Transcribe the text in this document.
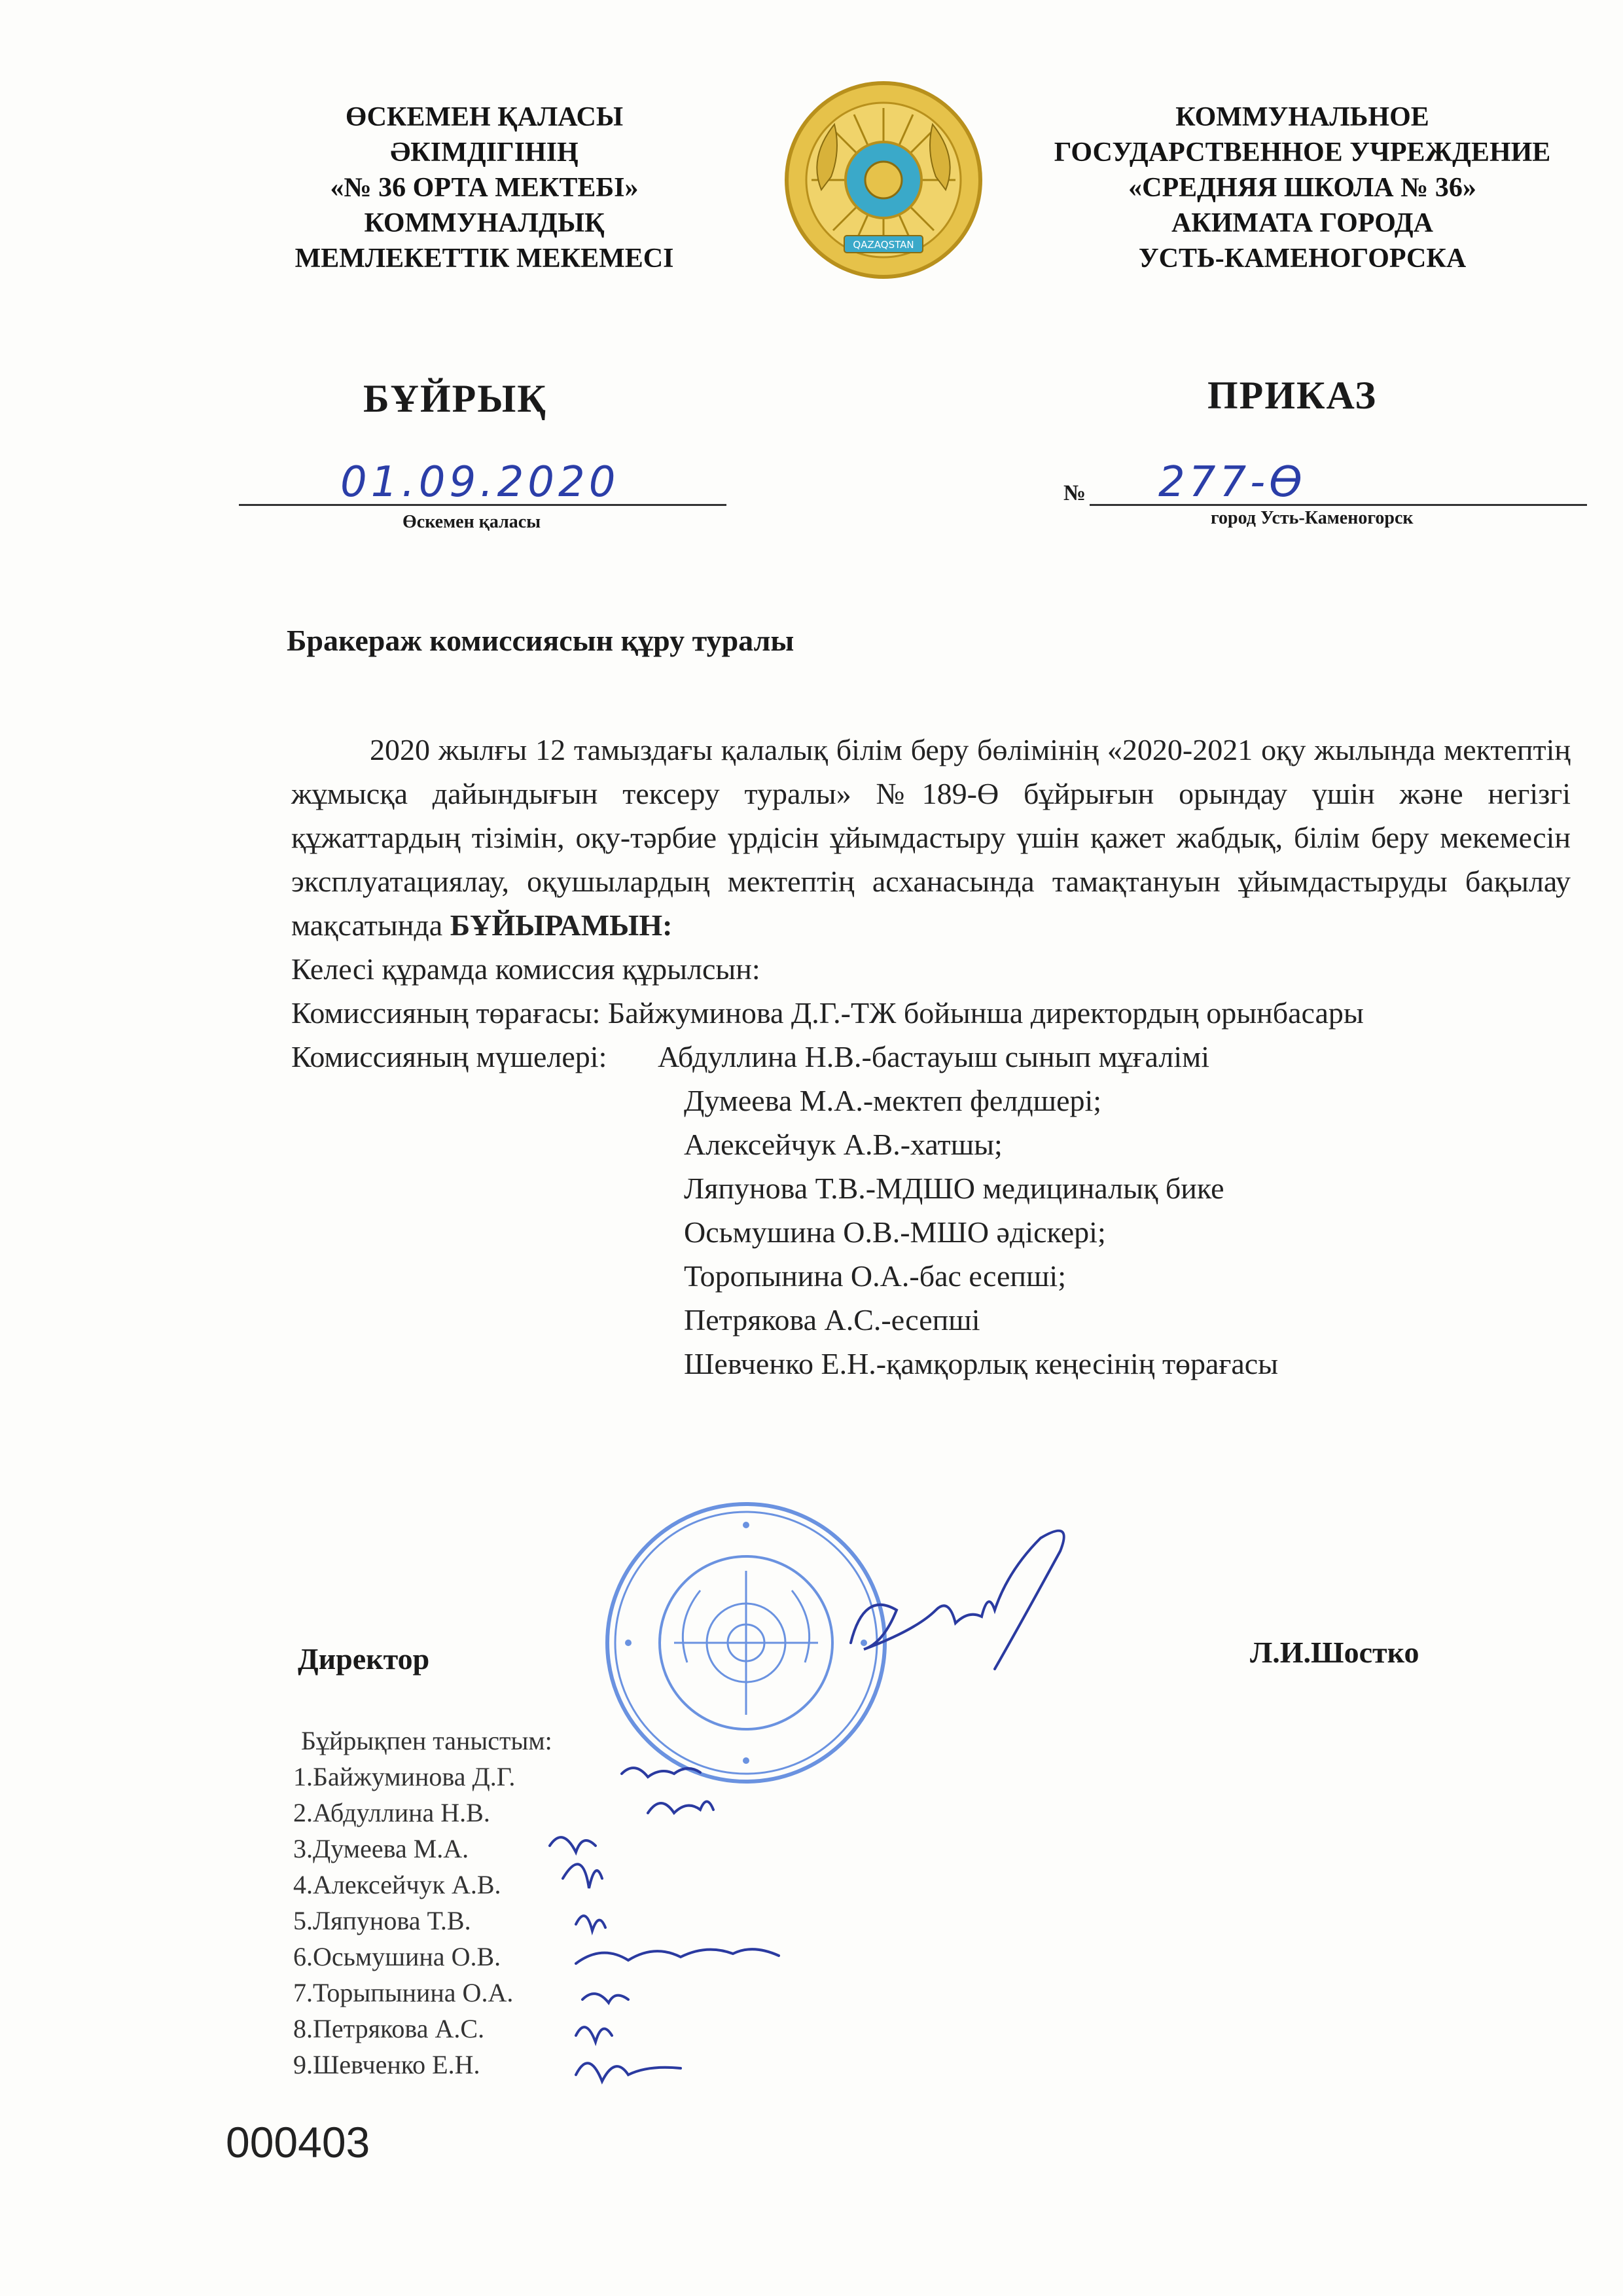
ӨСКЕМЕН ҚАЛАСЫ
ӘКІМДІГІНІҢ
«№ 36 ОРТА МЕКТЕБІ»
КОММУНАЛДЫҚ
МЕМЛЕКЕТТІК МЕКЕМЕСІ	QAZAQSTAN
КОММУНАЛЬНОЕ
ГОСУДАРСТВЕННОЕ УЧРЕЖДЕНИЕ
«СРЕДНЯЯ ШКОЛА № 36»
АКИМАТА ГОРОДА
УСТЬ-КАМЕНОГОРСКА
БҰЙРЫҚ	ПРИКАЗ
01.09.2020
Өскемен қаласы
№ 277-Ө
город Усть-Каменогорск
Бракераж комиссиясын құру туралы
2020 жылғы 12 тамыздағы қалалық білім беру бөлімінің «2020-2021 оқу жылында мектептің жұмысқа дайындығын тексеру туралы» №189-Ө бұйрығын орындау үшін және негізгі құжаттардың тізімін, оқу-тәрбие үрдісін ұйымдастыру үшін қажет жабдық, білім беру мекемесін эксплуатациялау, оқушылардың мектептің асханасында тамақтануын ұйымдастыруды бақылау мақсатында БҰЙЫРАМЫН:
Келесі құрамда комиссия құрылсын:
Комиссияның төрағасы: Байжуминова Д.Г.-ТЖ бойынша директордың орынбасары
Комиссияның мүшелері: Абдуллина Н.В.-бастауыш сынып мұғалімі
Думеева М.А.-мектеп фелдшері;
Алексейчук А.В.-хатшы;
Ляпунова Т.В.-МДШО медициналық бике
Осьмушина О.В.-МШО әдіскері;
Торопынина О.А.-бас есепші;
Петрякова А.С.-есепші
Шевченко Е.Н.-қамқорлық кеңесінің төрағасы
Директор	Л.И.Шостко
Бұйрықпен таныстым:
1.Байжуминова Д.Г.
2.Абдуллина Н.В.
3.Думеева М.А.
4.Алексейчук А.В.
5.Ляпунова Т.В.
6.Осьмушина О.В.
7.Торыпынина О.А.
8.Петрякова А.С.
9.Шевченко Е.Н.
000403
